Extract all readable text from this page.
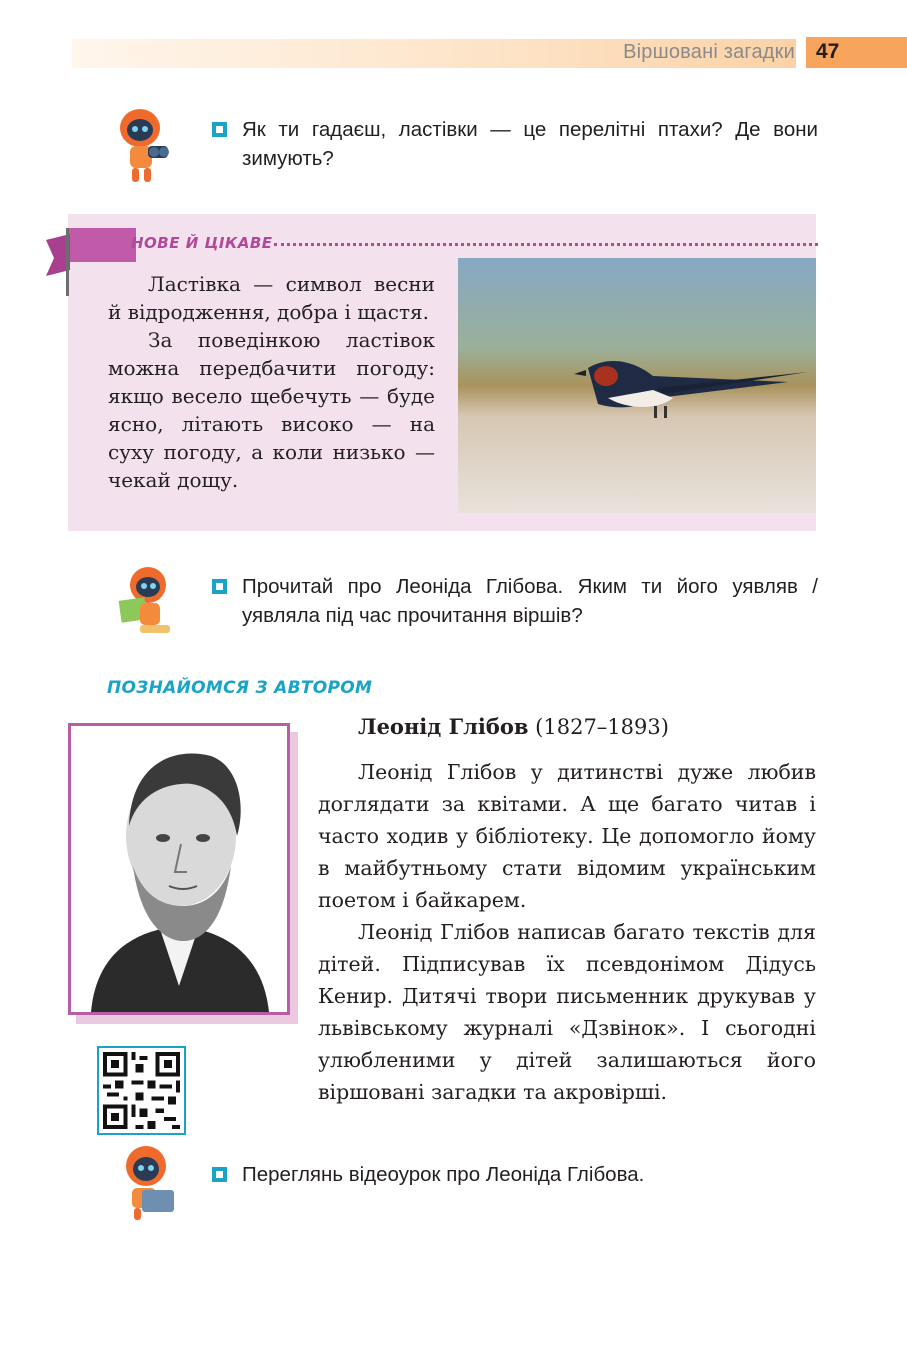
Віршовані загадки 47
Як ти гадаєш, ластівки — це перелітні птахи? Де вони зимують?
НОВЕ Й ЦІКАВЕ

Ластівка — символ весни й відродження, добра і щастя.

За поведінкою ластівок можна передбачити погоду: якщо весело щебечуть — буде ясно, літають високо — на суху погоду, а коли низько — чекай дощу.

Прочитай про Леоніда Глібова. Яким ти його уявляв / уявляла під час прочитання віршів?
ПОЗНАЙОМСЯ З АВТОРОМ
Леонід Глібов (1827–1893)

Леонід Глібов у дитинстві дуже любив доглядати за квітами. А ще багато читав і часто ходив у бібліотеку. Це допомогло йому в майбутньому стати відомим українським поетом і байкарем.

Леонід Глібов написав багато текстів для дітей. Підписував їх псевдонімом Дідусь Кенир. Дитячі твори письменник друкував у львівському журналі «Дзвінок». І сьогодні улюбленими у дітей залишаються його віршовані загадки та акровірші.

Переглянь відеоурок про Леоніда Глібова.
